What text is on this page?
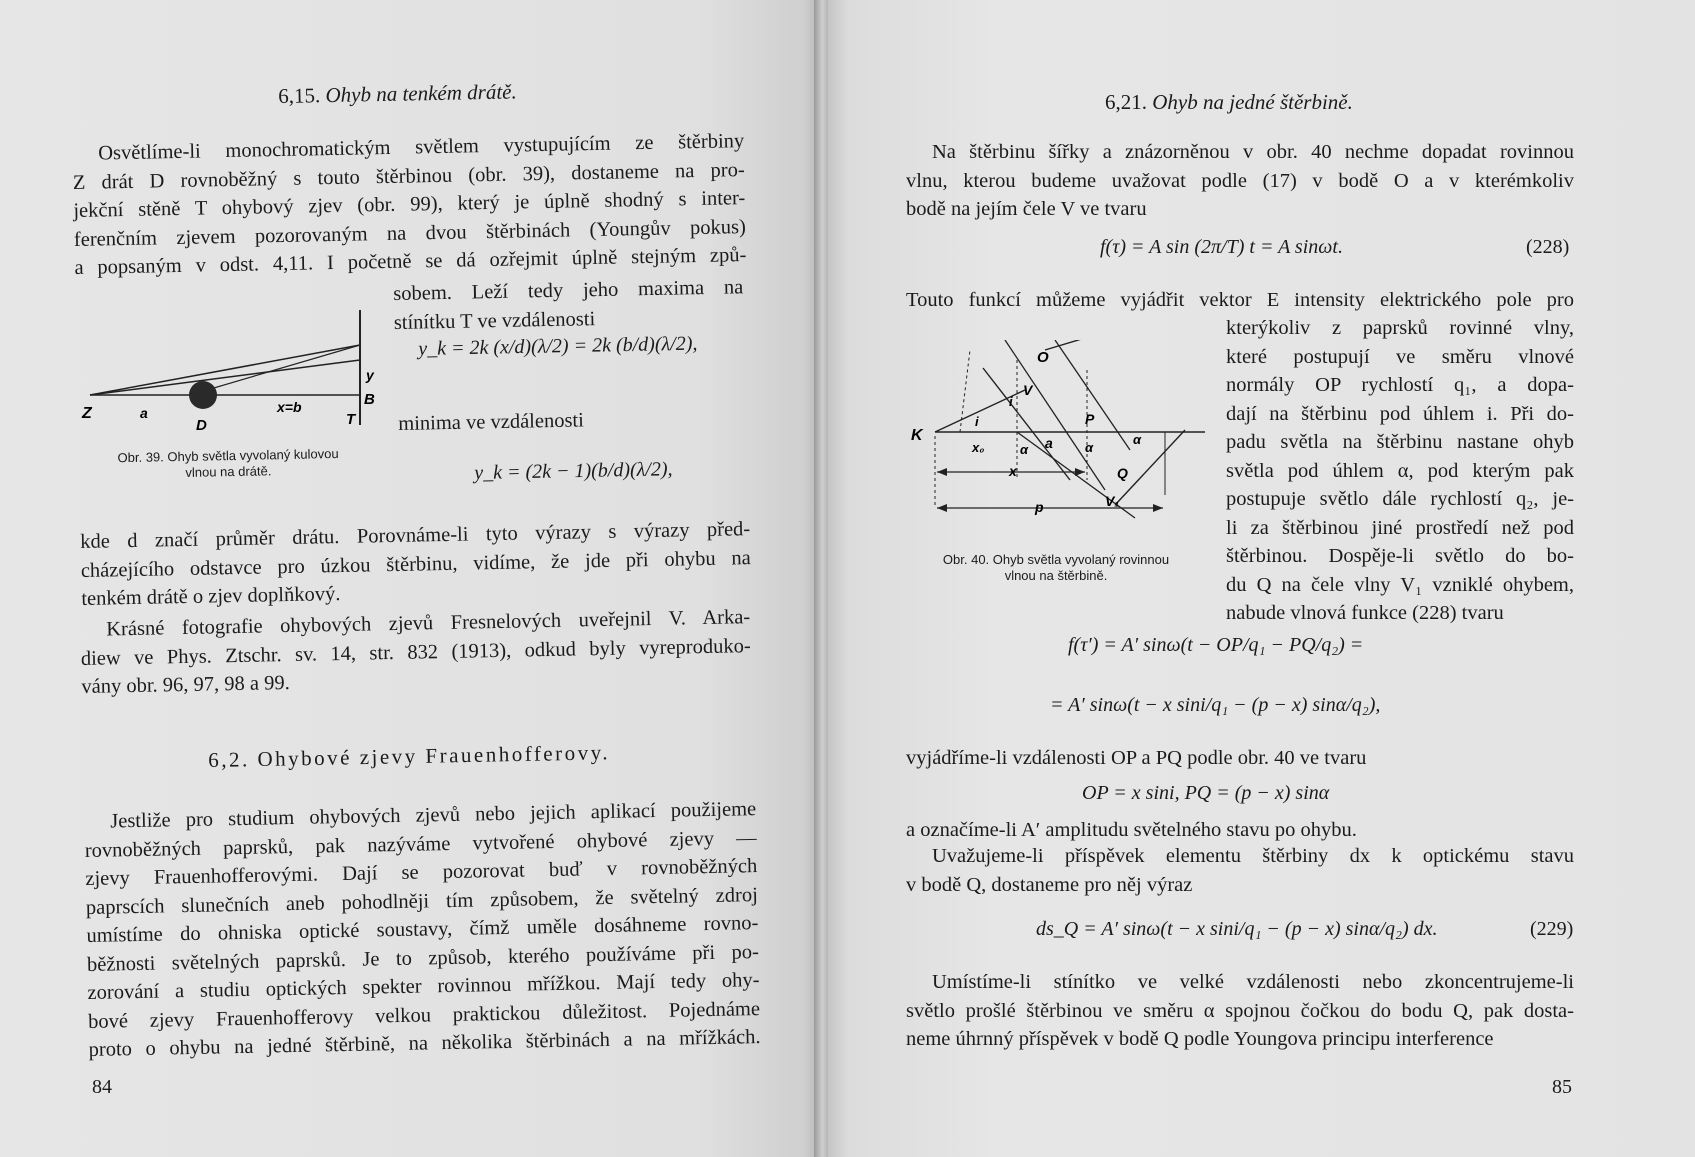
6,15. Ohyb na tenkém drátě.
Osvětlíme-li monochromatickým světlem vystupujícím ze štěrbiny
Z drát D rovnoběžný s touto štěrbinou (obr. 39), dostaneme na pro-
jekční stěně T ohybový zjev (obr. 99), který je úplně shodný s inter-
ferenčním zjevem pozorovaným na dvou štěrbinách (Youngův pokus)
a popsaným v odst. 4,11. I početně se dá ozřejmit úplně stejným způ-
sobem. Leží tedy jeho maxima na
stínítku T ve vzdálenosti
Z	a
D
x=b
y
B
T
y_k = 2k (x/d)(λ/2) = 2k (b/d)(λ/2),
minima ve vzdálenosti
y_k = (2k − 1)(b/d)(λ/2),
Obr. 39. Ohyb světla vyvolaný kulovou
vlnou na drátě.
kde d značí průměr drátu. Porovnáme-li tyto výrazy s výrazy před-
cházejícího odstavce pro úzkou štěrbinu, vidíme, že jde při ohybu na
tenkém drátě o zjev doplňkový.
Krásné fotografie ohybových zjevů Fresnelových uveřejnil V. Arka-
diew ve Phys. Ztschr. sv. 14, str. 832 (1913), odkud byly vyreproduko-
vány obr. 96, 97, 98 a 99.
6,2. Ohybové zjevy Frauenhofferovy.
Jestliže pro studium ohybových zjevů nebo jejich aplikací použijeme
rovnoběžných paprsků, pak nazýváme vytvořené ohybové zjevy —
zjevy Frauenhofferovými. Dají se pozorovat buď v rovnoběžných
paprscích slunečních aneb pohodlněji tím způsobem, že světelný zdroj
umístíme do ohniska optické soustavy, čímž uměle dosáhneme rovno-
běžnosti světelných paprsků. Je to způsob, kterého používáme při po-
zorování a studiu optických spekter rovinnou mřížkou. Mají tedy ohy-
bové zjevy Frauenhofferovy velkou praktickou důležitost. Pojednáme
proto o ohybu na jedné štěrbině, na několika štěrbinách a na mřížkách.
84
6,21. Ohyb na jedné štěrbině.
Na štěrbinu šířky a znázorněnou v obr. 40 nechme dopadat rovinnou
vlnu, kterou budeme uvažovat podle (17) v bodě O a v kterémkoliv
bodě na jejím čele V ve tvaru
f(τ) = A sin (2π/T) t = A sinωt.	(228)
Touto funkcí můžeme vyjádřit vektor E intensity elektrického pole pro
kterýkoliv z paprsků rovinné vlny,
které postupují ve směru vlnové
normály OP rychlostí q₁, a dopa-
dají na štěrbinu pod úhlem i. Při do-
padu světla na štěrbinu nastane ohyb
světla pod úhlem α, pod kterým pak
postupuje světlo dále rychlostí q₂, je-
li za štěrbinou jiné prostředí než pod
štěrbinou. Dospěje-li světlo do bo-
du Q na čele vlny V₁ vzniklé ohybem,
nabude vlnová funkce (228) tvaru
K
O
V
i
i
P
x₀	α a α
α
x	Q
V₁
p
Obr. 40. Ohyb světla vyvolaný rovinnou
vlnou na štěrbině.
f(τ′) = A′ sinω(t − OP/q₁ − PQ/q₂) =
= A′ sinω(t − x sini/q₁ − (p − x) sinα/q₂),
vyjádříme-li vzdálenosti OP a PQ podle obr. 40 ve tvaru
OP = x sini, PQ = (p − x) sinα
a označíme-li A′ amplitudu světelného stavu po ohybu.
Uvažujeme-li příspěvek elementu štěrbiny dx k optickému stavu
v bodě Q, dostaneme pro něj výraz
ds_Q = A′ sinω(t − x sini/q₁ − (p − x) sinα/q₂) dx.	(229)
Umístíme-li stínítko ve velké vzdálenosti nebo zkoncentrujeme-li
světlo prošlé štěrbinou ve směru α spojnou čočkou do bodu Q, pak dosta-
neme úhrnný příspěvek v bodě Q podle Youngova principu interference
85
